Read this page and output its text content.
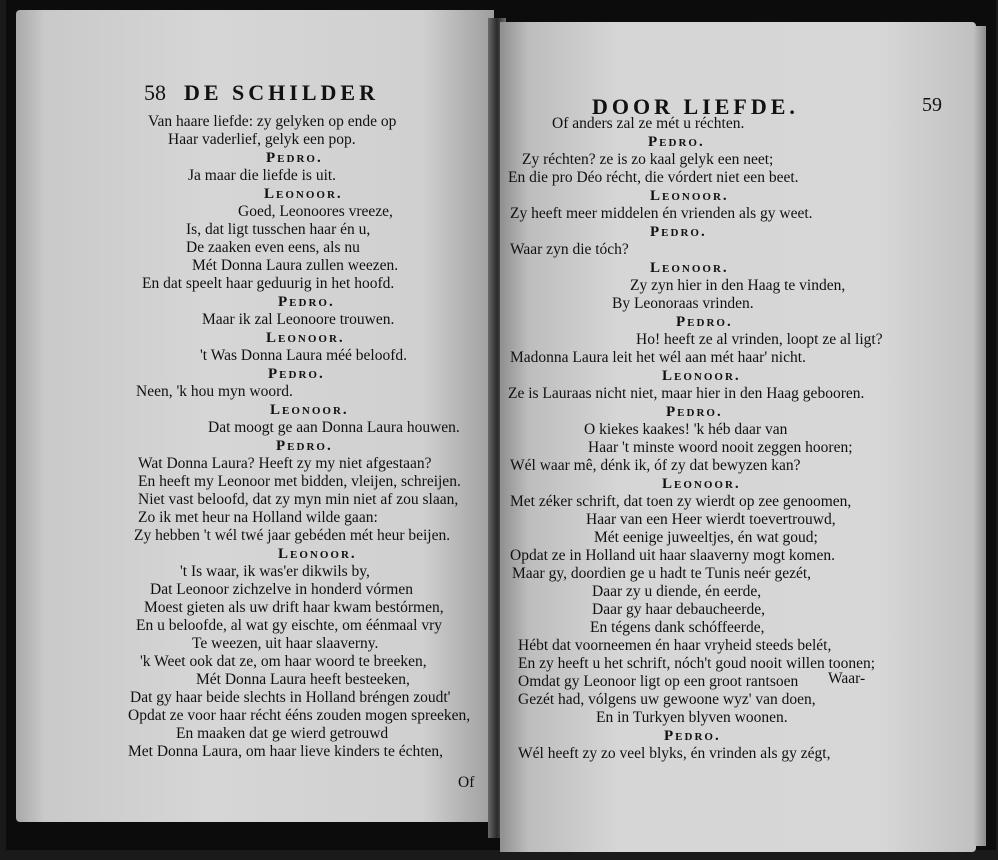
58 DE SCHILDER
Van haare liefde: zy gelyken op ende op
Haar vaderlief, gelyk een pop.
Pedro.
Ja maar die liefde is uit.
Leonoor.
Goed, Leonoores vreeze,
Is, dat ligt tusschen haar én u,
De zaaken even eens, als nu
Mét Donna Laura zullen weezen.
En dat speelt haar geduurig in het hoofd.
Pedro.
Maar ik zal Leonoore trouwen.
Leonoor.
't Was Donna Laura méé beloofd.
Pedro.
Neen, 'k hou myn woord.
Leonoor.
Dat moogt ge aan Donna Laura houwen.
Pedro.
Wat Donna Laura? Heeft zy my niet afgestaan?
En heeft my Leonoor met bidden, vleijen, schreijen.
Niet vast beloofd, dat zy myn min niet af zou slaan,
Zo ik met heur na Holland wilde gaan:
Zy hebben 't wél twé jaar gebéden mét heur beijen.
Leonoor.
't Is waar, ik was'er dikwils by,
Dat Leonoor zichzelve in honderd vórmen
Moest gieten als uw drift haar kwam bestórmen,
En u beloofde, al wat gy eischte, om éénmaal vry
Te weezen, uit haar slaaverny.
'k Weet ook dat ze, om haar woord te breeken,
Mét Donna Laura heeft besteeken,
Dat gy haar beide slechts in Holland bréngen zoudt'
Opdat ze voor haar récht ééns zouden mogen spreeken,
En maaken dat ge wierd getrouwd
Met Donna Laura, om haar lieve kinders te échten,
Of
DOOR LIEFDE.	59
Of anders zal ze mét u réchten.
Pedro.
Zy réchten? ze is zo kaal gelyk een neet;
En die pro Déo récht, die vórdert niet een beet.
Leonoor.
Zy heeft meer middelen én vrienden als gy weet.
Pedro.
Waar zyn die tóch?
Leonoor.
Zy zyn hier in den Haag te vinden,
By Leonoraas vrinden.
Pedro.
Ho! heeft ze al vrinden, loopt ze al ligt?
Madonna Laura leit het wél aan mét haar' nicht.
Leonoor.
Ze is Lauraas nicht niet, maar hier in den Haag gebooren.
Pedro.
O kiekes kaakes! 'k héb daar van
Haar 't minste woord nooit zeggen hooren;
Wél waar mê, dénk ik, óf zy dat bewyzen kan?
Leonoor.
Met zéker schrift, dat toen zy wierdt op zee genoomen,
Haar van een Heer wierdt toevertrouwd,
Mét eenige juweeltjes, én wat goud;
Opdat ze in Holland uit haar slaaverny mogt komen.
Maar gy, doordien ge u hadt te Tunis neér gezét,
Daar zy u diende, én eerde,
Daar gy haar debaucheerde,
En tégens dank schóffeerde,
Hébt dat voorneemen én haar vryheid steeds belét,
En zy heeft u het schrift, nóch't goud nooit willen toonen;
Omdat gy Leonoor ligt op een groot rantsoen
Gezét had, vólgens uw gewoone wyz' van doen,
En in Turkyen blyven woonen.
Pedro.
Wél heeft zy zo veel blyks, én vrinden als gy zégt,
Waar-
